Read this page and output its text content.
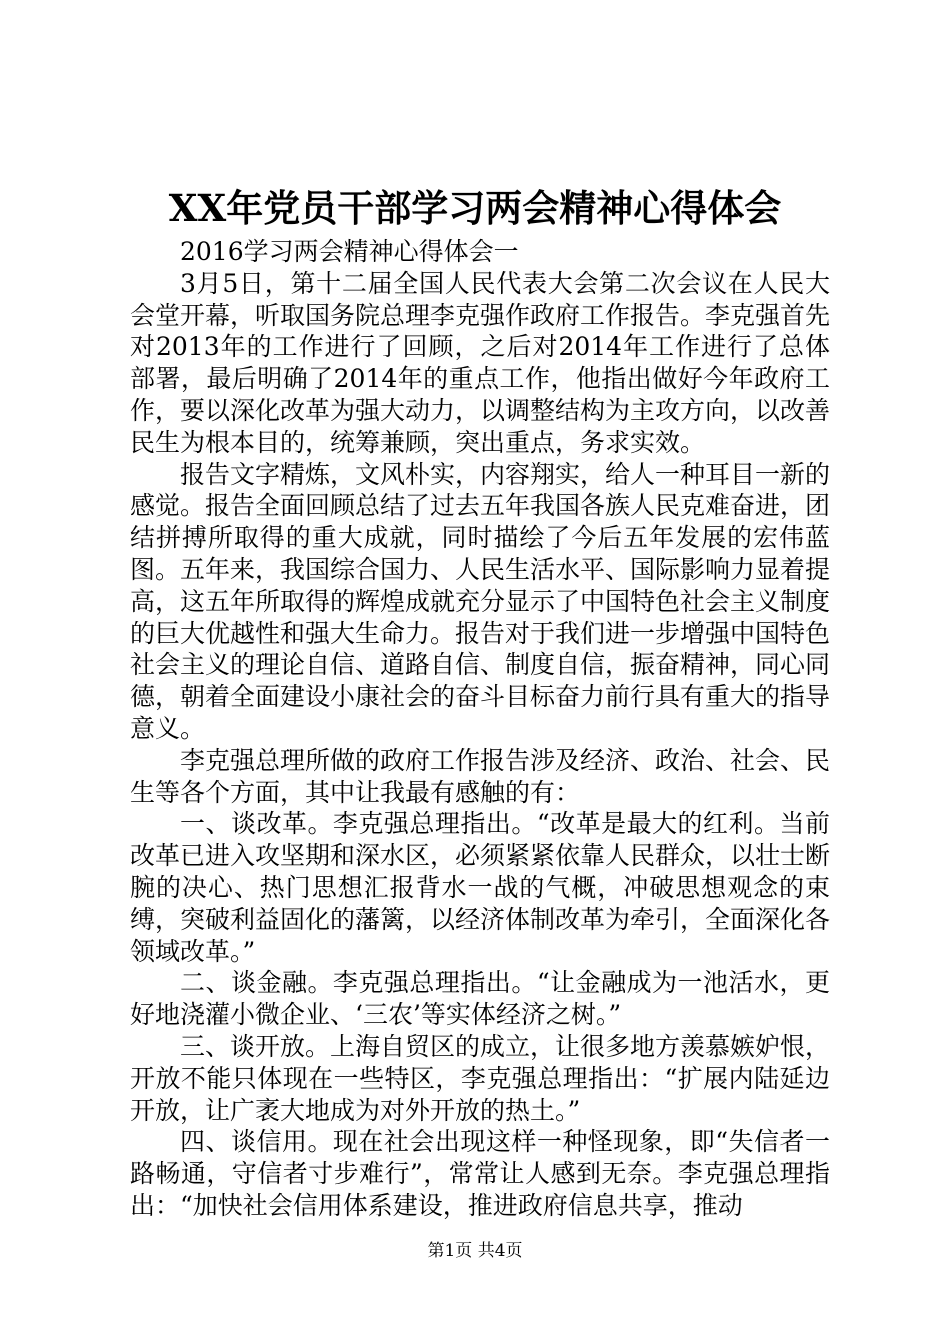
XX年党员干部学习两会精神心得体会

2016学习两会精神心得体会一

3月5日，第十二届全国人民代表大会第二次会议在人民大会堂开幕，听取国务院总理李克强作政府工作报告。李克强首先对2013年的工作进行了回顾，之后对2014年工作进行了总体部署，最后明确了2014年的重点工作，他指出做好今年政府工作，要以深化改革为强大动力，以调整结构为主攻方向，以改善民生为根本目的，统筹兼顾，突出重点，务求实效。

报告文字精炼，文风朴实，内容翔实，给人一种耳目一新的感觉。报告全面回顾总结了过去五年我国各族人民克难奋进，团结拼搏所取得的重大成就，同时描绘了今后五年发展的宏伟蓝图。五年来，我国综合国力、人民生活水平、国际影响力显着提高，这五年所取得的辉煌成就充分显示了中国特色社会主义制度的巨大优越性和强大生命力。报告对于我们进一步增强中国特色社会主义的理论自信、道路自信、制度自信，振奋精神，同心同德，朝着全面建设小康社会的奋斗目标奋力前行具有重大的指导意义。

李克强总理所做的政府工作报告涉及经济、政治、社会、民生等各个方面，其中让我最有感触的有：

一、谈改革。李克强总理指出。“改革是最大的红利。当前改革已进入攻坚期和深水区，必须紧紧依靠人民群众，以壮士断腕的决心、热门思想汇报背水一战的气概，冲破思想观念的束缚，突破利益固化的藩篱，以经济体制改革为牵引，全面深化各领域改革。”

二、谈金融。李克强总理指出。“让金融成为一池活水，更好地浇灌小微企业、‘三农’等实体经济之树。”

三、谈开放。上海自贸区的成立，让很多地方羡慕嫉妒恨，开放不能只体现在一些特区，李克强总理指出：“扩展内陆延边开放，让广袤大地成为对外开放的热土。”

四、谈信用。现在社会出现这样一种怪现象，即“失信者一路畅通，守信者寸步难行”，常常让人感到无奈。李克强总理指出：“加快社会信用体系建设，推进政府信息共享，推动

第1页 共4页
